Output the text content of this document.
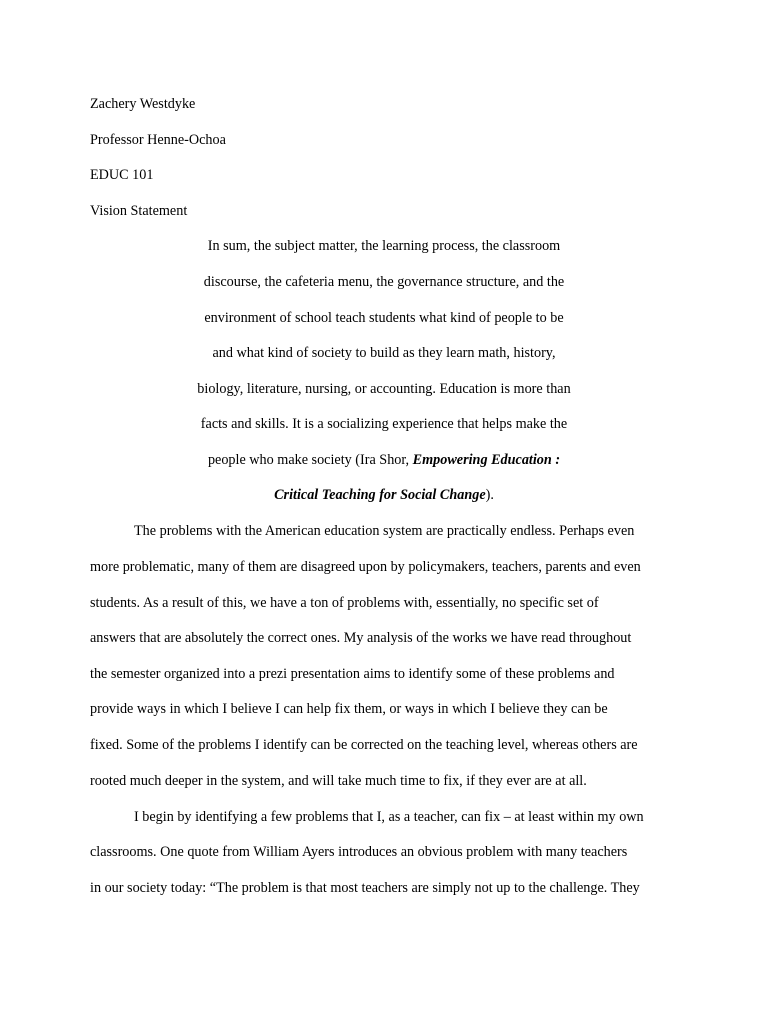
Zachery Westdyke
Professor Henne-Ochoa
EDUC 101
Vision Statement
In sum, the subject matter, the learning process, the classroom
discourse, the cafeteria menu, the governance structure, and the
environment of school teach students what kind of people to be
and what kind of society to build as they learn math, history,
biology, literature, nursing, or accounting. Education is more than
facts and skills. It is a socializing experience that helps make the
people who make society (Ira Shor, Empowering Education :
Critical Teaching for Social Change).
The problems with the American education system are practically endless. Perhaps even
more problematic, many of them are disagreed upon by policymakers, teachers, parents and even
students. As a result of this, we have a ton of problems with, essentially, no specific set of
answers that are absolutely the correct ones. My analysis of the works we have read throughout
the semester organized into a prezi presentation aims to identify some of these problems and
provide ways in which I believe I can help fix them, or ways in which I believe they can be
fixed. Some of the problems I identify can be corrected on the teaching level, whereas others are
rooted much deeper in the system, and will take much time to fix, if they ever are at all.
I begin by identifying a few problems that I, as a teacher, can fix – at least within my own
classrooms. One quote from William Ayers introduces an obvious problem with many teachers
in our society today: “The problem is that most teachers are simply not up to the challenge. They
